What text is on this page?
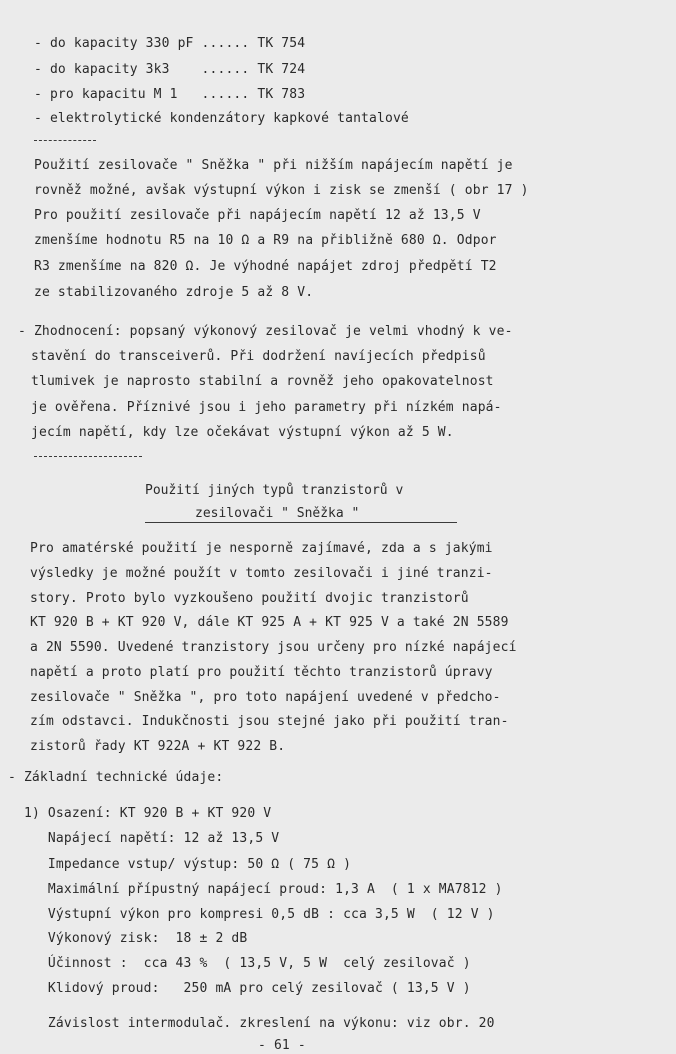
- do kapacity 330 pF ...... TK 754
- do kapacity 3k3    ...... TK 724
- pro kapacitu M 1   ...... TK 783
- elektrolytické kondenzátory kapkové tantalové
Použití zesilovače " Sněžka " při nižším napájecím napětí je
rovněž možné, avšak výstupní výkon i zisk se zmenší ( obr 17 )
Pro použití zesilovače při napájecím napětí 12 až 13,5 V
zmenšíme hodnotu R5 na 10 Ω a R9 na přibližně 680 Ω. Odpor
R3 zmenšíme na 820 Ω. Je výhodné napájet zdroj předpětí T2
ze stabilizovaného zdroje 5 až 8 V.
- Zhodnocení: popsaný výkonový zesilovač je velmi vhodný k ve-
stavění do transceiverů. Při dodržení navíjecích předpisů
tlumivek je naprosto stabilní a rovněž jeho opakovatelnost
je ověřena. Příznivé jsou i jeho parametry při nízkém napá-
jecím napětí, kdy lze očekávat výstupní výkon až 5 W.
Použití jiných typů tranzistorů v
zesilovači " Sněžka "
Pro amatérské použití je nesporně zajímavé, zda a s jakými
výsledky je možné použít v tomto zesilovači i jiné tranzi-
story. Proto bylo vyzkoušeno použití dvojic tranzistorů
KT 920 B + KT 920 V, dále KT 925 A + KT 925 V a také 2N 5589
a 2N 5590. Uvedené tranzistory jsou určeny pro nízké napájecí
napětí a proto platí pro použití těchto tranzistorů úpravy
zesilovače " Sněžka ", pro toto napájení uvedené v předcho-
zím odstavci. Indukčnosti jsou stejné jako při použití tran-
zistorů řady KT 922A + KT 922 B.
- Základní technické údaje:
1) Osazení: KT 920 B + KT 920 V
Napájecí napětí: 12 až 13,5 V
Impedance vstup/ výstup: 50 Ω ( 75 Ω )
Maximální přípustný napájecí proud: 1,3 A  ( 1 x MA7812 )
Výstupní výkon pro kompresi 0,5 dB : cca 3,5 W  ( 12 V )
Výkonový zisk:  18 ± 2 dB
Účinnost :  cca 43 %  ( 13,5 V, 5 W  celý zesilovač )
Klidový proud:   250 mA pro celý zesilovač ( 13,5 V )
Závislost intermodulač. zkreslení na výkonu: viz obr. 20
- 61 -
